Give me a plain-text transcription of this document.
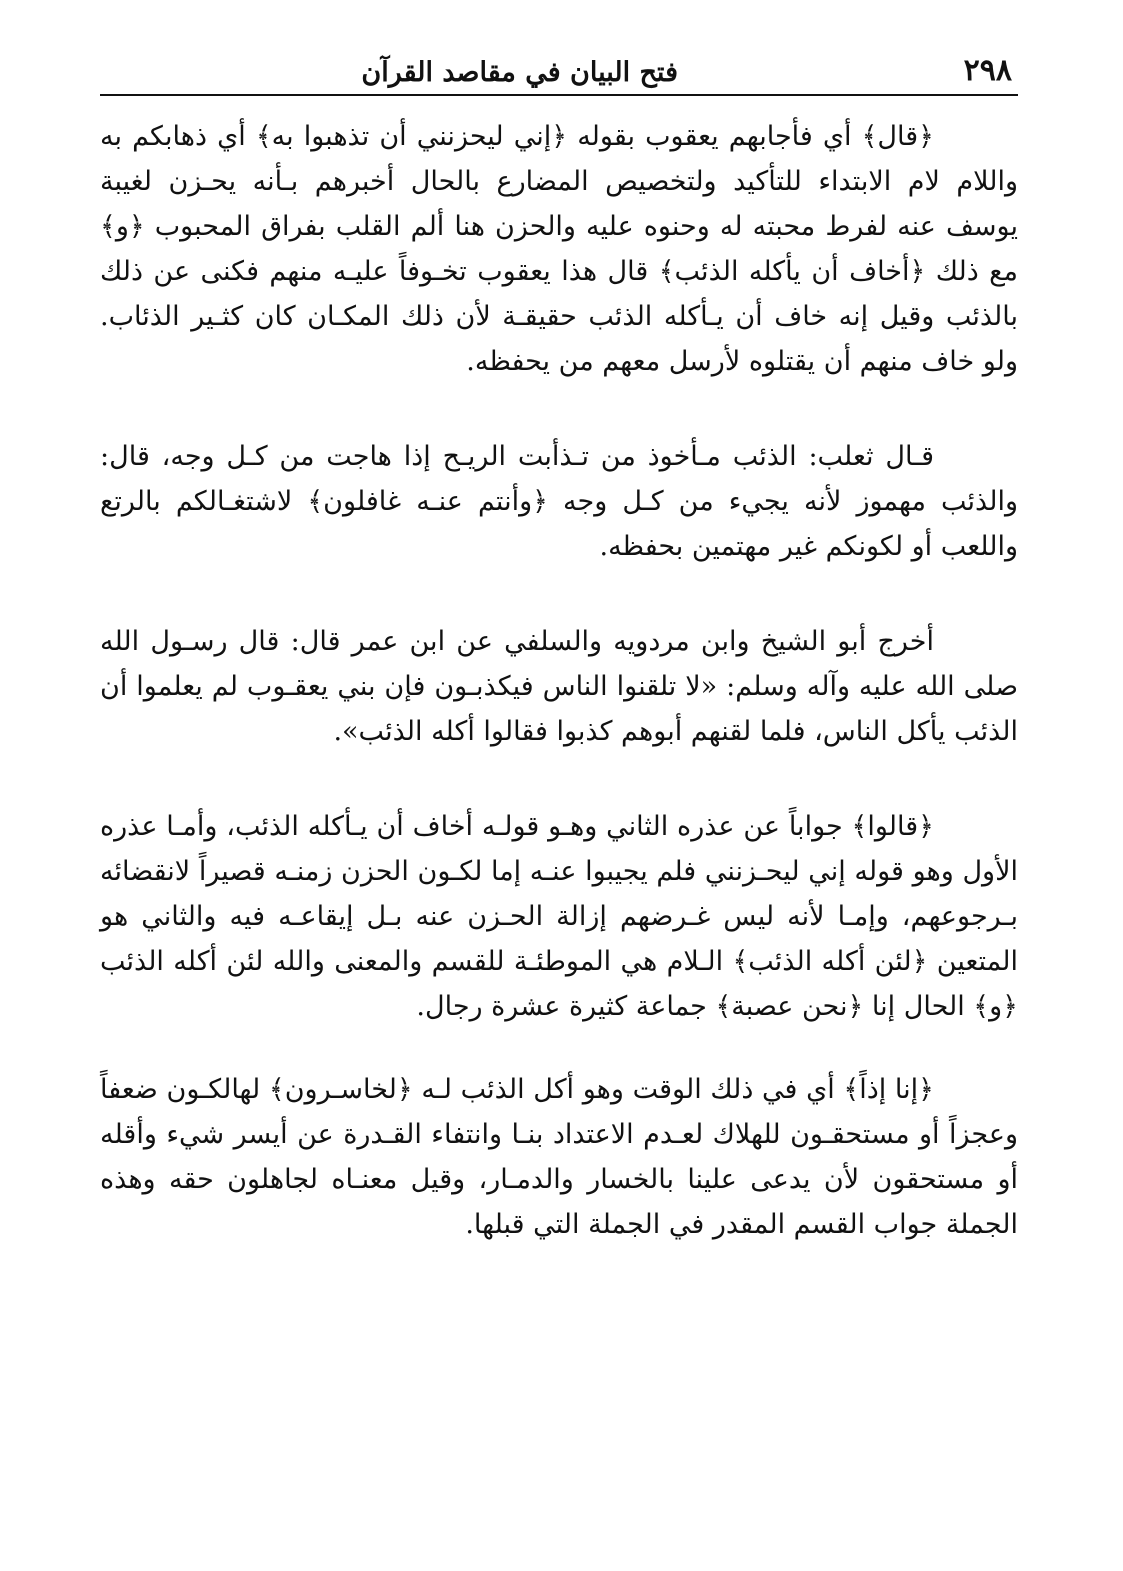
٢٩٨
فتح البيان في مقاصد القرآن

﴿قال﴾ أي فأجابهم يعقوب بقوله ﴿إني ليحزنني أن تذهبوا به﴾ أي ذهابكم به واللام لام الابتداء للتأكيد ولتخصيص المضارع بالحال أخبرهم بـأنه يحـزن لغيبة يوسف عنه لفرط محبته له وحنوه عليه والحزن هنا ألم القلب بفراق المحبوب ﴿و﴾ مع ذلك ﴿أخاف أن يأكله الذئب﴾ قال هذا يعقوب تخـوفاً عليـه منهم فكنى عن ذلك بالذئب وقيل إنه خاف أن يـأكله الذئب حقيقـة لأن ذلك المكـان كان كثـير الذئاب. ولو خاف منهم أن يقتلوه لأرسل معهم من يحفظه.

قـال ثعلب: الذئب مـأخوذ من تـذأبت الريـح إذا هاجت من كـل وجه، قال: والذئب مهموز لأنه يجيء من كـل وجه ﴿وأنتم عنـه غافلون﴾ لاشتغـالكم بالرتع واللعب أو لكونكم غير مهتمين بحفظه.

أخرج أبو الشيخ وابن مردويه والسلفي عن ابن عمر قال: قال رسـول الله صلى الله عليه وآله وسلم: «لا تلقنوا الناس فيكذبـون فإن بني يعقـوب لم يعلموا أن الذئب يأكل الناس، فلما لقنهم أبوهم كذبوا فقالوا أكله الذئب».

﴿قالوا﴾ جواباً عن عذره الثاني وهـو قولـه أخاف أن يـأكله الذئب، وأمـا عذره الأول وهو قوله إني ليحـزنني فلم يجيبوا عنـه إما لكـون الحزن زمنـه قصيراً لانقضائه بـرجوعهم، وإمـا لأنه ليس غـرضهم إزالة الحـزن عنه بـل إيقاعـه فيه والثاني هو المتعين ﴿لئن أكله الذئب﴾ الـلام هي الموطئـة للقسم والمعنى والله لئن أكله الذئب ﴿و﴾ الحال إنا ﴿نحن عصبة﴾ جماعة كثيرة عشرة رجال.

﴿إنا إذاً﴾ أي في ذلك الوقت وهو أكل الذئب لـه ﴿لخاسـرون﴾ لهالكـون ضعفاً وعجزاً أو مستحقـون للهلاك لعـدم الاعتداد بنـا وانتفاء القـدرة عن أيسر شيء وأقله أو مستحقون لأن يدعى علينا بالخسار والدمـار، وقيل معنـاه لجاهلون حقه وهذه الجملة جواب القسم المقدر في الجملة التي قبلها.
